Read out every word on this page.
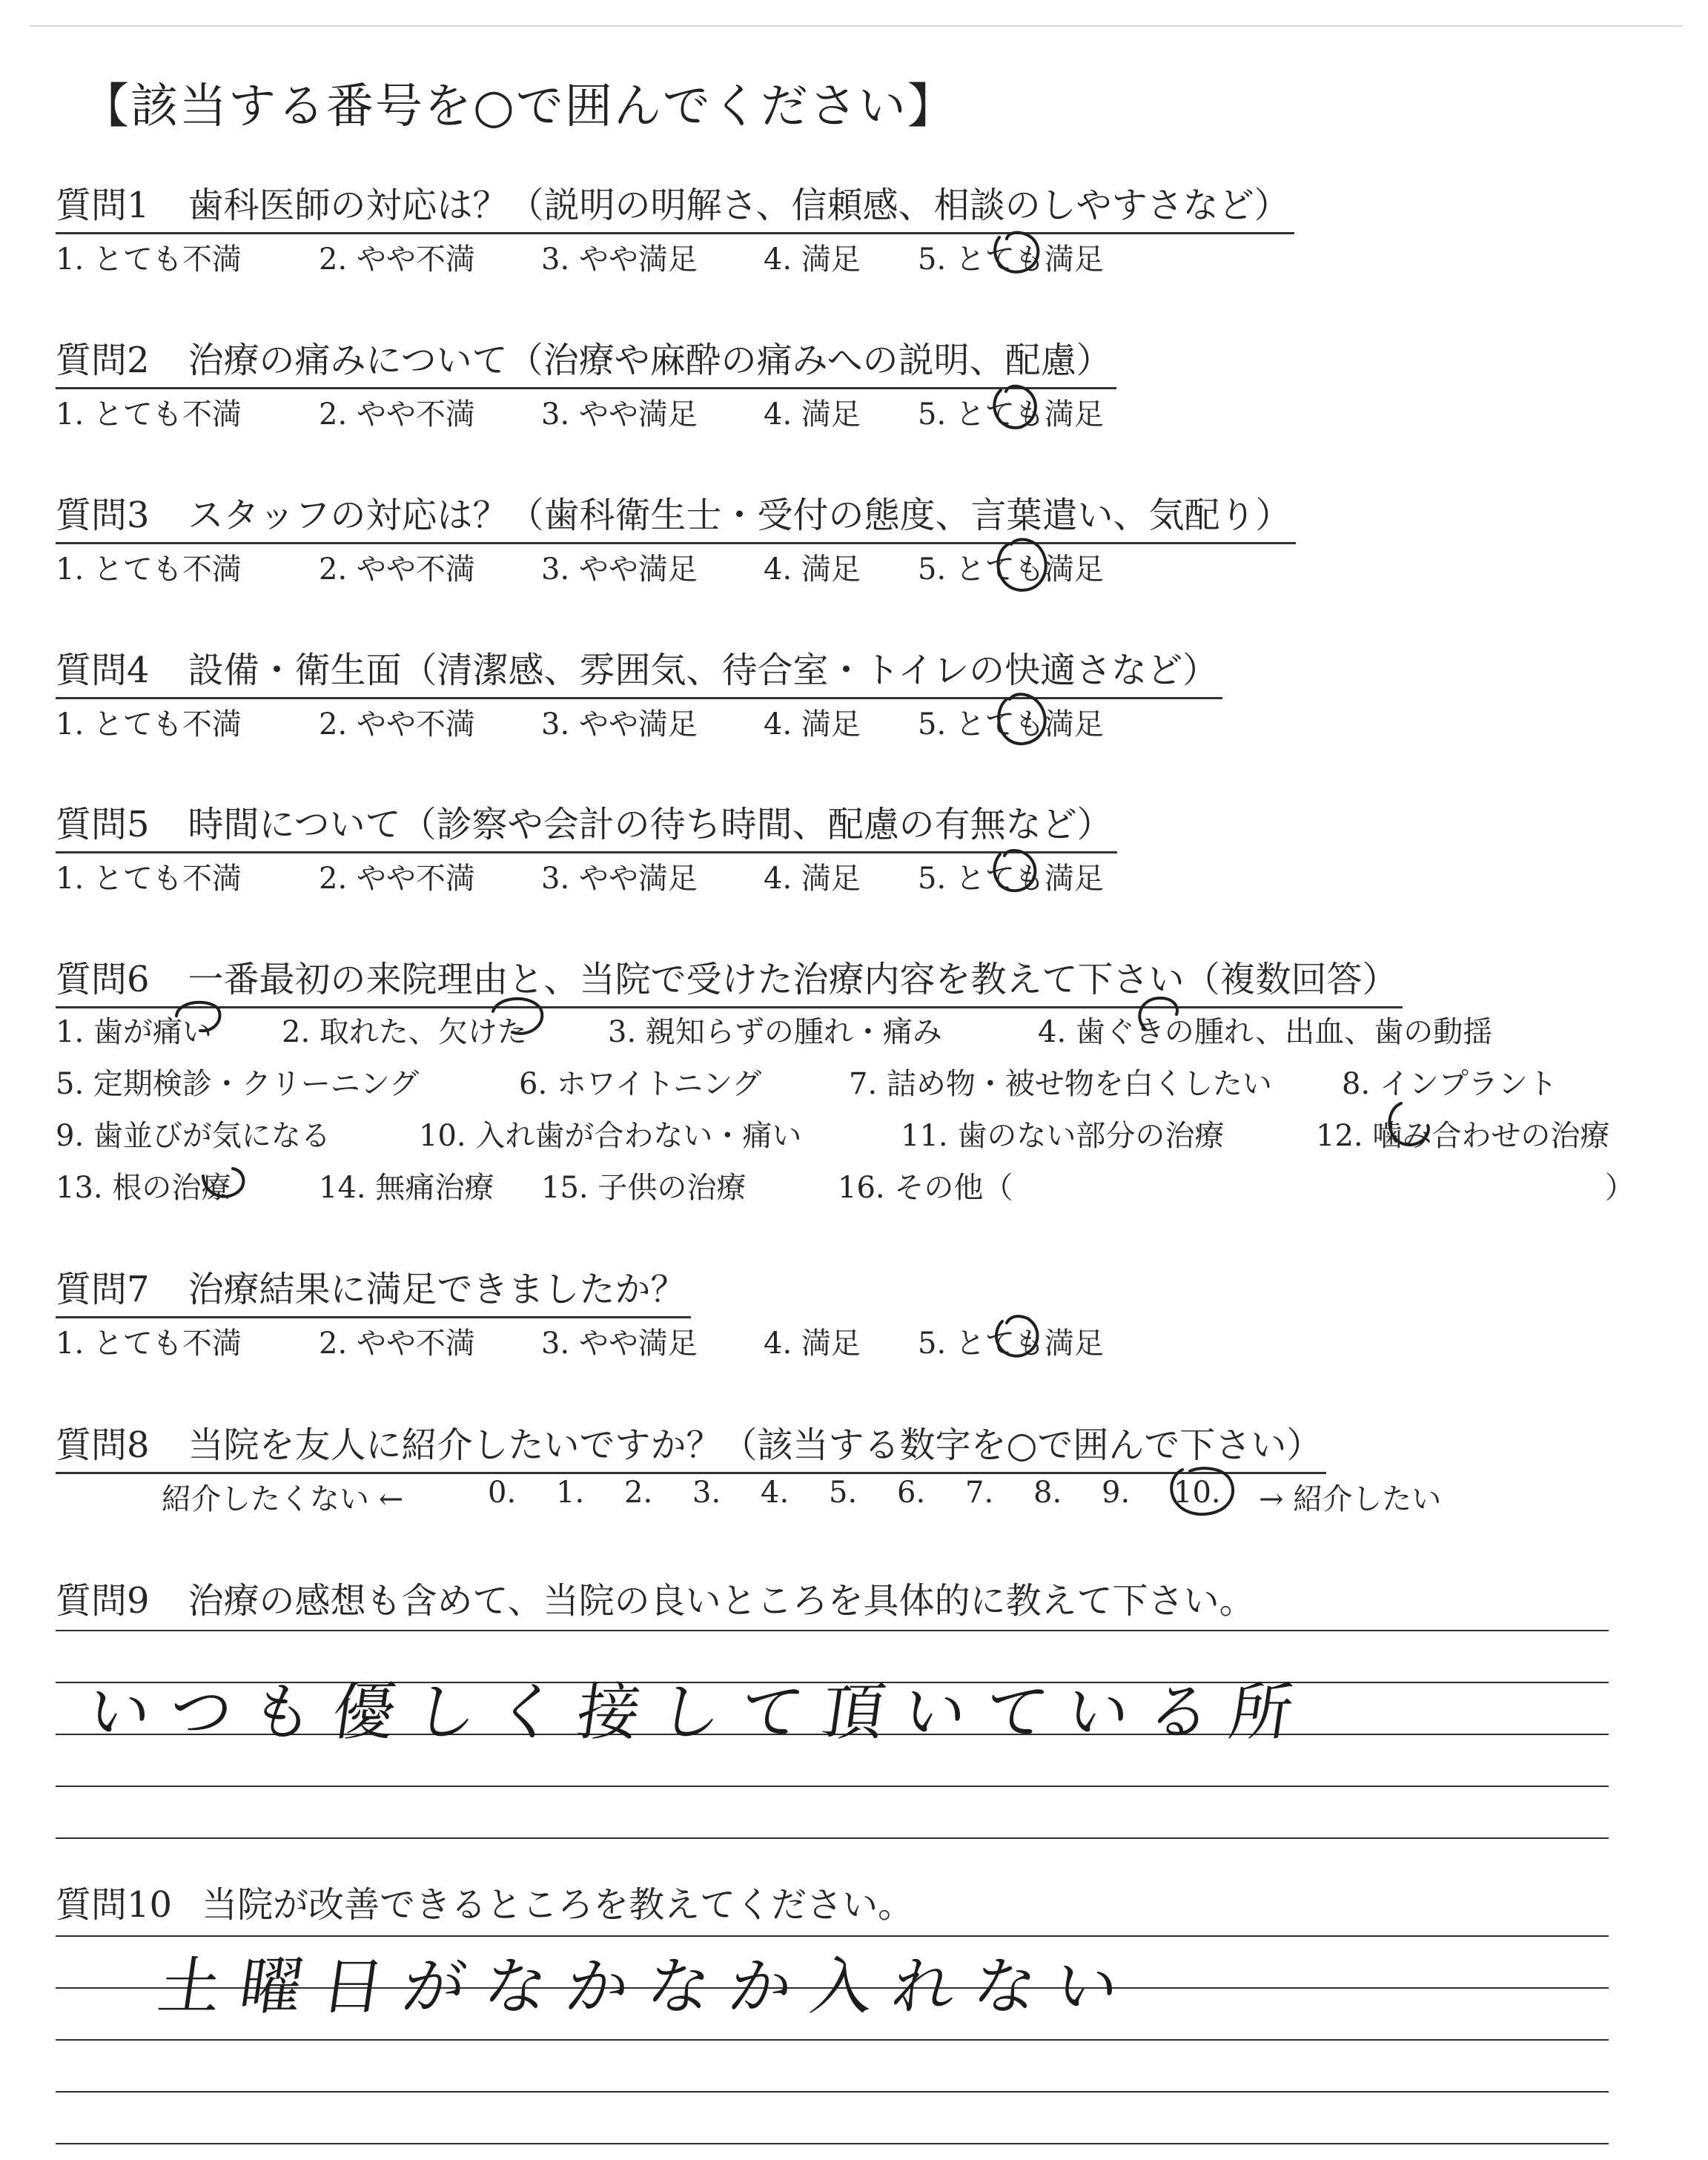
【該当する番号を○で囲んでください】
質問1 歯科医師の対応は？（説明の明解さ、信頼感、相談のしやすさなど）
1. とても不満	2. やや不満 3. やや満足 4. 満足 5. とても満足
質問2 治療の痛みについて（治療や麻酔の痛みへの説明、配慮）
1. とても不満	2. やや不満 3. やや満足 4. 満足 5. とても満足
質問3 スタッフの対応は？（歯科衛生士・受付の態度、言葉遣い、気配り）
1. とても不満	2. やや不満 3. やや満足 4. 満足 5. とても満足
質問4 設備・衛生面（清潔感、雰囲気、待合室・トイレの快適さなど）
1. とても不満	2. やや不満 3. やや満足 4. 満足 5. とても満足
質問5 時間について（診察や会計の待ち時間、配慮の有無など）
1. とても不満	2. やや不満 3. やや満足 4. 満足 5. とても満足
質問6 一番最初の来院理由と、当院で受けた治療内容を教えて下さい（複数回答）
1. 歯が痛い 2. 取れた、欠けた	3. 親知らずの腫れ・痛み	4. 歯ぐきの腫れ、出血、歯の動揺
5. 定期検診・クリーニング	6. ホワイトニング	7. 詰め物・被せ物を白くしたい 8. インプラント
9. 歯並びが気になる	10. 入れ歯が合わない・痛い	11. 歯のない部分の治療	12. 噛み合わせの治療
13. 根の治療	14. 無痛治療 15. 子供の治療	16. その他（	）
質問7 治療結果に満足できましたか？
1. とても不満	2. やや不満 3. やや満足 4. 満足 5. とても満足
質問8 当院を友人に紹介したいですか？（該当する数字を○で囲んで下さい）
紹介したくない ←	0. 1. 2. 3. 4. 5. 6. 7. 8. 9. 10. → 紹介したい
質問9 治療の感想も含めて、当院の良いところを具体的に教えて下さい。
いつも優しく接して頂いている所
質問10 当院が改善できるところを教えてください。
土曜日がなかなか入れない
